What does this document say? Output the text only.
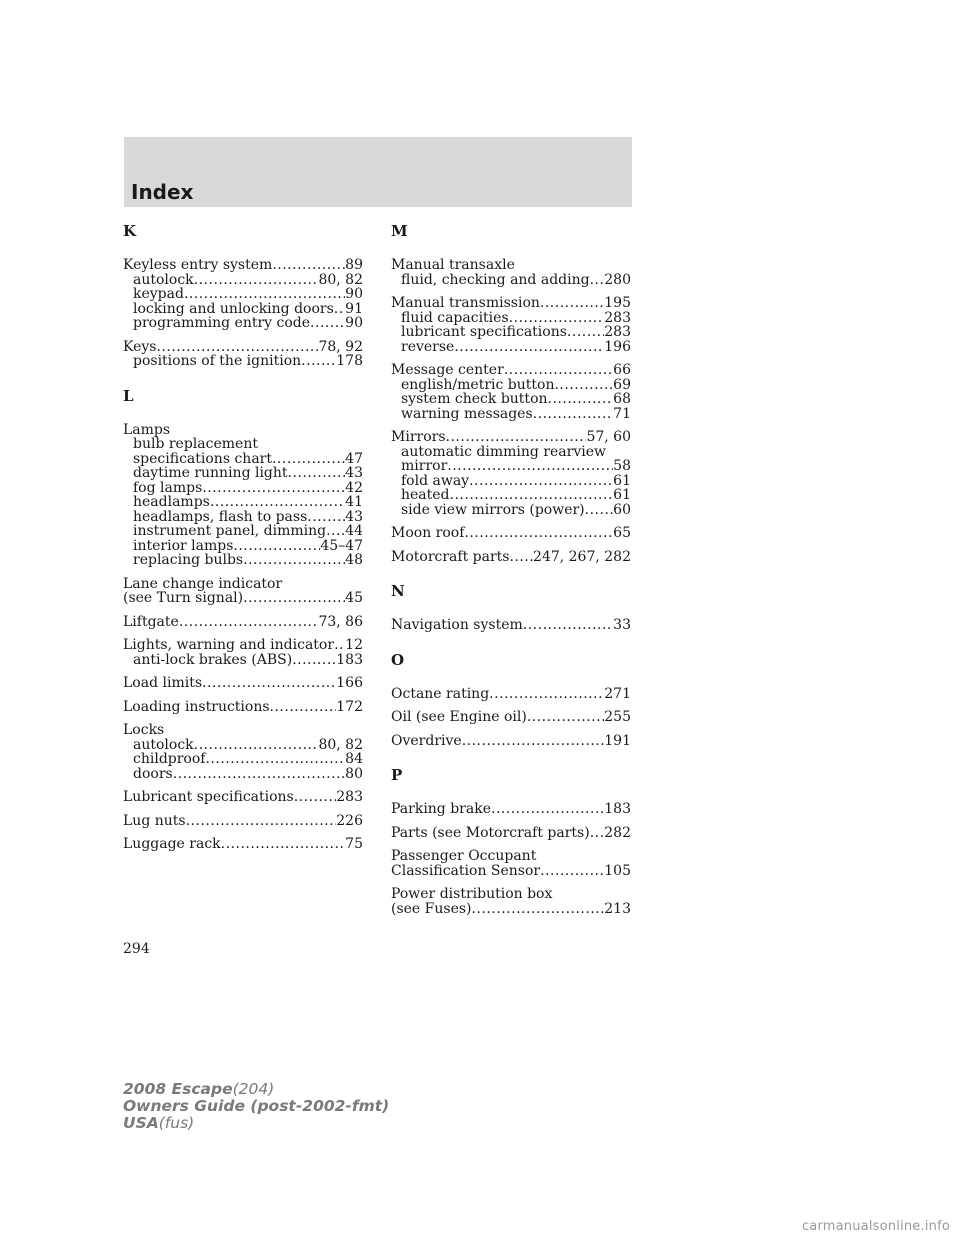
Index
K
Keyless entry system .....	89
autolock .....	80, 82
keypad .....	90
locking and unlocking doors ..... 91
programming entry code .....	90
Keys .....	78, 92
positions of the ignition .....	178
L
Lamps
bulb replacement
specifications chart .....	47
daytime running light .....	43
fog lamps .....	42
headlamps .....	41
headlamps, flash to pass .....	43
instrument panel, dimming ..... 44
interior lamps .....	45–47
replacing bulbs .....	48
Lane change indicator
(see Turn signal) .....	45
Liftgate .....	73, 86
Lights, warning and indicator ..... 12
anti-lock brakes (ABS) .....	183
Load limits .....	166
Loading instructions .....	172
Locks
autolock .....	80, 82
childproof .....	84
doors .....	80
Lubricant specifications .....	283
Lug nuts .....	226
Luggage rack .....	75
M
Manual transaxle
fluid, checking and adding ..... 280
Manual transmission .....	195
fluid capacities .....	283
lubricant specifications .....	283
reverse .....	196
Message center .....	66
english/metric button .....	69
system check button .....	68
warning messages .....	71
Mirrors .....	57, 60
automatic dimming rearview
mirror .....	58
fold away .....	61
heated .....	61
side view mirrors (power) ..... 60
Moon roof .....	65
Motorcraft parts ..... 247, 267, 282
N
Navigation system .....	33
O
Octane rating .....	271
Oil (see Engine oil) .....	255
Overdrive .....	191
P
Parking brake .....	183
Parts (see Motorcraft parts) ..... 282
Passenger Occupant
Classification Sensor .....	105
Power distribution box
(see Fuses) .....	213
294
2008 Escape(204)
Owners Guide (post-2002-fmt)
USA(fus)
carmanualsonline.info
